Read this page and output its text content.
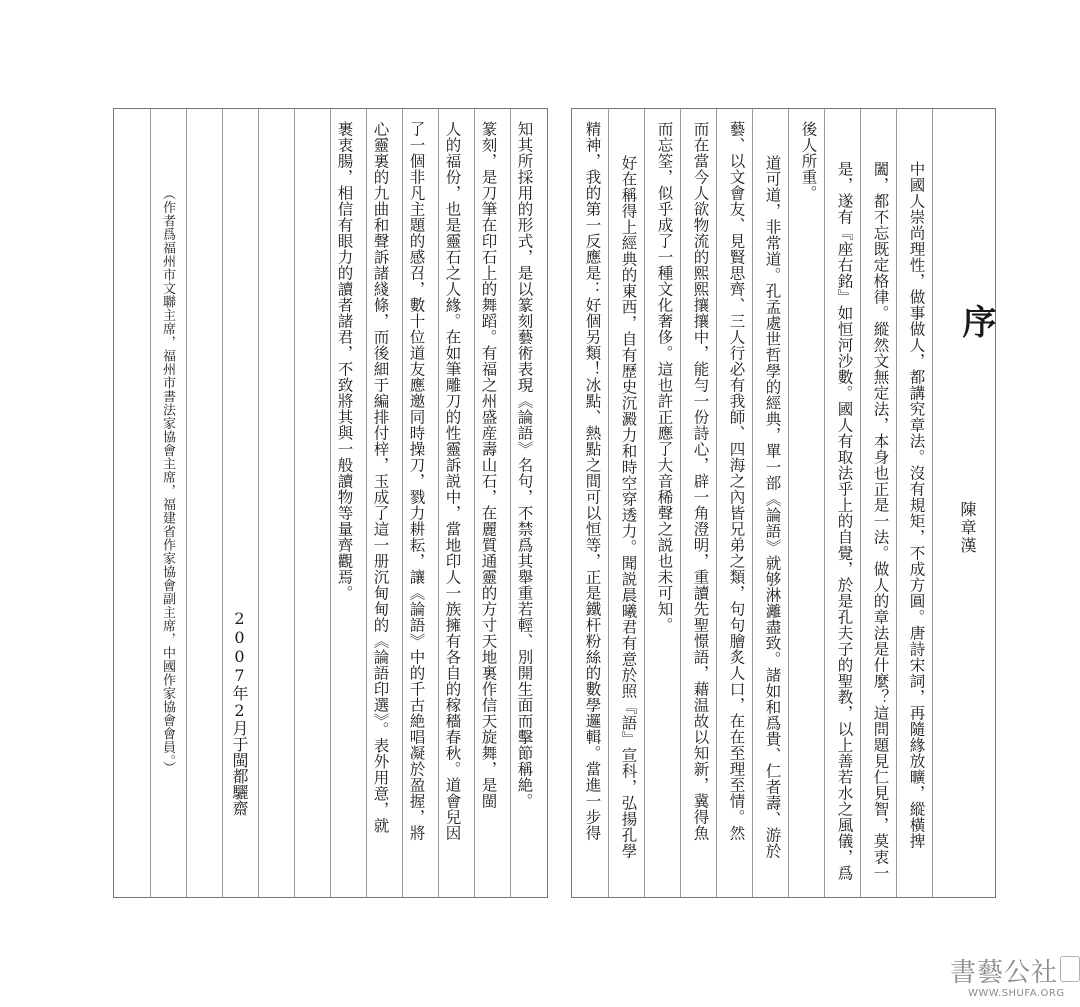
序
陳章漢
中國人崇尚理性，做事做人，都講究章法。沒有規矩，不成方圓。唐詩宋詞，再隨緣放曠，縱橫捭
闔，都不忘既定格律。縱然文無定法，本身也正是一法。做人的章法是什麼？這問題見仁見智，莫衷一
是，遂有『座右銘』如恒河沙數。國人有取法乎上的自覺，於是孔夫子的聖教，以上善若水之風儀，爲
後人所重。
道可道，非常道。孔孟處世哲學的經典，單一部《論語》就够淋灕盡致。諸如和爲貴、仁者壽、游於
藝、以文會友、見賢思齊、三人行必有我師、四海之內皆兄弟之類，句句膾炙人口，在在至理至情。然
而在當今人欲物流的熙熙攘攘中，能勻一份詩心，辟一角澄明，重讀先聖憬語，藉温故以知新，冀得魚
而忘筌，似乎成了一種文化奢侈。這也許正應了大音稀聲之説也未可知。
好在稱得上經典的東西，自有歷史沉澱力和時空穿透力。聞説晨曦君有意於照『語』宣科，弘揚孔學
精神，我的第一反應是：好個另類！冰點、熱點之間可以恒等，正是鐵杆粉絲的數學邏輯。當進一步得
知其所採用的形式，是以篆刻藝術表現《論語》名句，不禁爲其舉重若輕、別開生面而擊節稱絶。
篆刻，是刀筆在印石上的舞蹈。有福之州盛産壽山石，在麗質通靈的方寸天地裏作信天旋舞，是閩
人的福份，也是靈石之人緣。在如筆雕刀的性靈訴説中，當地印人一族擁有各自的稼穡春秋。道會兒因
了一個非凡主題的感召，數十位道友應邀同時操刀，戮力耕耘，讓《論語》中的千古絶唱凝於盈握，將
心靈裏的九曲和聲訴諸綫條，而後細于編排付梓，玉成了這一册沉甸甸的《論語印選》。表外用意，就
裹衷腸，相信有眼力的讀者諸君，不致將其與一般讀物等量齊觀焉。
2007年2月于閩都驪齋
（作者爲福州市文聯主席，福州市書法家協會主席，福建省作家協會副主席，中國作家協會會員。）
書藝公社
WWW.SHUFA.ORG
